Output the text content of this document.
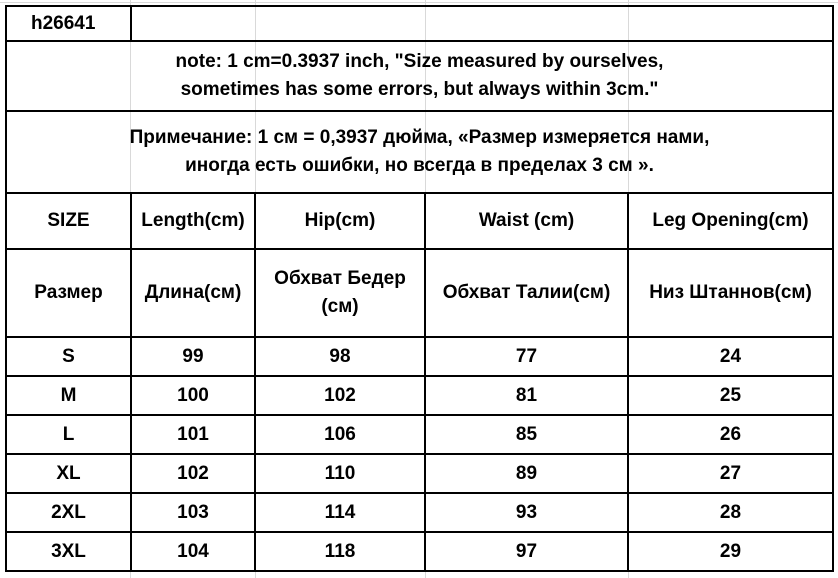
h26641				

note: 1 cm=0.3937 inch, "Size measured by ourselves,
sometimes has some errors, but always within 3cm."				

Примечание: 1 см = 0,3937 дюйма, «Размер измеряется нами,
иногда есть ошибки, но всегда в пределах 3 см ».				

SIZE	Length(cm)	Hip(cm)	Waist (cm)	Leg Opening(cm)
Размер	Длина(см)	Обхват Бедер
(см)	Обхват Талии(см)	Низ Штаннов(см)
S	99	98	77	24
M	100	102	81	25
L	101	106	85	26
XL	102	110	89	27
2XL	103	114	93	28
3XL	104	118	97	29
